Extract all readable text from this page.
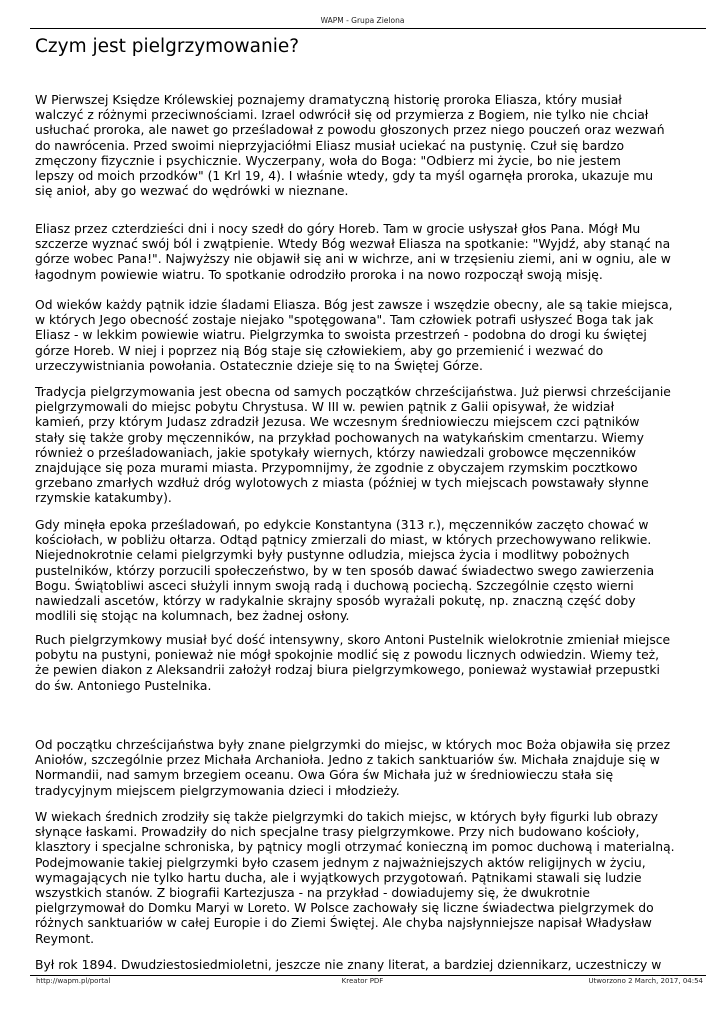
WAPM - Grupa Zielona
Czym jest pielgrzymowanie?
W Pierwszej Księdze Królewskiej poznajemy dramatyczną historię proroka Eliasza, który musiał
walczyć z różnymi przeciwnościami. Izrael odwrócił się od przymierza z Bogiem, nie tylko nie chciał
usłuchać proroka, ale nawet go prześladował z powodu głoszonych przez niego pouczeń oraz wezwań
do nawrócenia. Przed swoimi nieprzyjaciółmi Eliasz musiał uciekać na pustynię. Czuł się bardzo
zmęczony fizycznie i psychicznie. Wyczerpany, woła do Boga: "Odbierz mi życie, bo nie jestem
lepszy od moich przodków" (1 Krl 19, 4). I właśnie wtedy, gdy ta myśl ogarnęła proroka, ukazuje mu
się anioł, aby go wezwać do wędrówki w nieznane.
Eliasz przez czterdzieści dni i nocy szedł do góry Horeb. Tam w grocie usłyszał głos Pana. Mógł Mu
szczerze wyznać swój ból i zwątpienie. Wtedy Bóg wezwał Eliasza na spotkanie: "Wyjdź, aby stanąć na
górze wobec Pana!". Najwyższy nie objawił się ani w wichrze, ani w trzęsieniu ziemi, ani w ogniu, ale w
łagodnym powiewie wiatru. To spotkanie odrodziło proroka i na nowo rozpoczął swoją misję.
Od wieków każdy pątnik idzie śladami Eliasza. Bóg jest zawsze i wszędzie obecny, ale są takie miejsca,
w których Jego obecność zostaje niejako "spotęgowana". Tam człowiek potrafi usłyszeć Boga tak jak
Eliasz - w lekkim powiewie wiatru. Pielgrzymka to swoista przestrzeń - podobna do drogi ku świętej
górze Horeb. W niej i poprzez nią Bóg staje się człowiekiem, aby go przemienić i wezwać do
urzeczywistniania powołania. Ostatecznie dzieje się to na Świętej Górze.
Tradycja pielgrzymowania jest obecna od samych początków chrześcijaństwa. Już pierwsi chrześcijanie
pielgrzymowali do miejsc pobytu Chrystusa. W III w. pewien pątnik z Galii opisywał, że widział
kamień, przy którym Judasz zdradził Jezusa. We wczesnym średniowieczu miejscem czci pątników
stały się także groby męczenników, na przykład pochowanych na watykańskim cmentarzu. Wiemy
również o prześladowaniach, jakie spotykały wiernych, którzy nawiedzali grobowce męczenników
znajdujące się poza murami miasta. Przypomnijmy, że zgodnie z obyczajem rzymskim pocztkowo
grzebano zmarłych wzdłuż dróg wylotowych z miasta (później w tych miejscach powstawały słynne
rzymskie katakumby).
Gdy minęła epoka prześladowań, po edykcie Konstantyna (313 r.), męczenników zaczęto chować w
kościołach, w pobliżu ołtarza. Odtąd pątnicy zmierzali do miast, w których przechowywano relikwie.
Niejednokrotnie celami pielgrzymki były pustynne odludzia, miejsca życia i modlitwy pobożnych
pustelników, którzy porzucili społeczeństwo, by w ten sposób dawać świadectwo swego zawierzenia
Bogu. Świątobliwi asceci służyli innym swoją radą i duchową pociechą. Szczególnie często wierni
nawiedzali ascetów, którzy w radykalnie skrajny sposób wyrażali pokutę, np. znaczną część doby
modlili się stojąc na kolumnach, bez żadnej osłony.
Ruch pielgrzymkowy musiał być dość intensywny, skoro Antoni Pustelnik wielokrotnie zmieniał miejsce
pobytu na pustyni, ponieważ nie mógł spokojnie modlić się z powodu licznych odwiedzin. Wiemy też,
że pewien diakon z Aleksandrii założył rodzaj biura pielgrzymkowego, ponieważ wystawiał przepustki
do św. Antoniego Pustelnika.
Od początku chrześcijaństwa były znane pielgrzymki do miejsc, w których moc Boża objawiła się przez
Aniołów, szczególnie przez Michała Archanioła. Jedno z takich sanktuariów św. Michała znajduje się w
Normandii, nad samym brzegiem oceanu. Owa Góra św Michała już w średniowieczu stała się
tradycyjnym miejscem pielgrzymowania dzieci i młodzieży.
W wiekach średnich zrodziły się także pielgrzymki do takich miejsc, w których były figurki lub obrazy
słynące łaskami. Prowadziły do nich specjalne trasy pielgrzymkowe. Przy nich budowano kościoły,
klasztory i specjalne schroniska, by pątnicy mogli otrzymać konieczną im pomoc duchową i materialną.
Podejmowanie takiej pielgrzymki było czasem jednym z najważniejszych aktów religijnych w życiu,
wymagających nie tylko hartu ducha, ale i wyjątkowych przygotowań. Pątnikami stawali się ludzie
wszystkich stanów. Z biografii Kartezjusza - na przykład - dowiadujemy się, że dwukrotnie
pielgrzymował do Domku Maryi w Loreto. W Polsce zachowały się liczne świadectwa pielgrzymek do
różnych sanktuariów w całej Europie i do Ziemi Świętej. Ale chyba najsłynniejsze napisał Władysław
Reymont.
Był rok 1894. Dwudziestosiedmioletni, jeszcze nie znany literat, a bardziej dziennikarz, uczestniczy w
http://wapm.pl/portal	Kreator PDF	Utworzono 2 March, 2017, 04:54
